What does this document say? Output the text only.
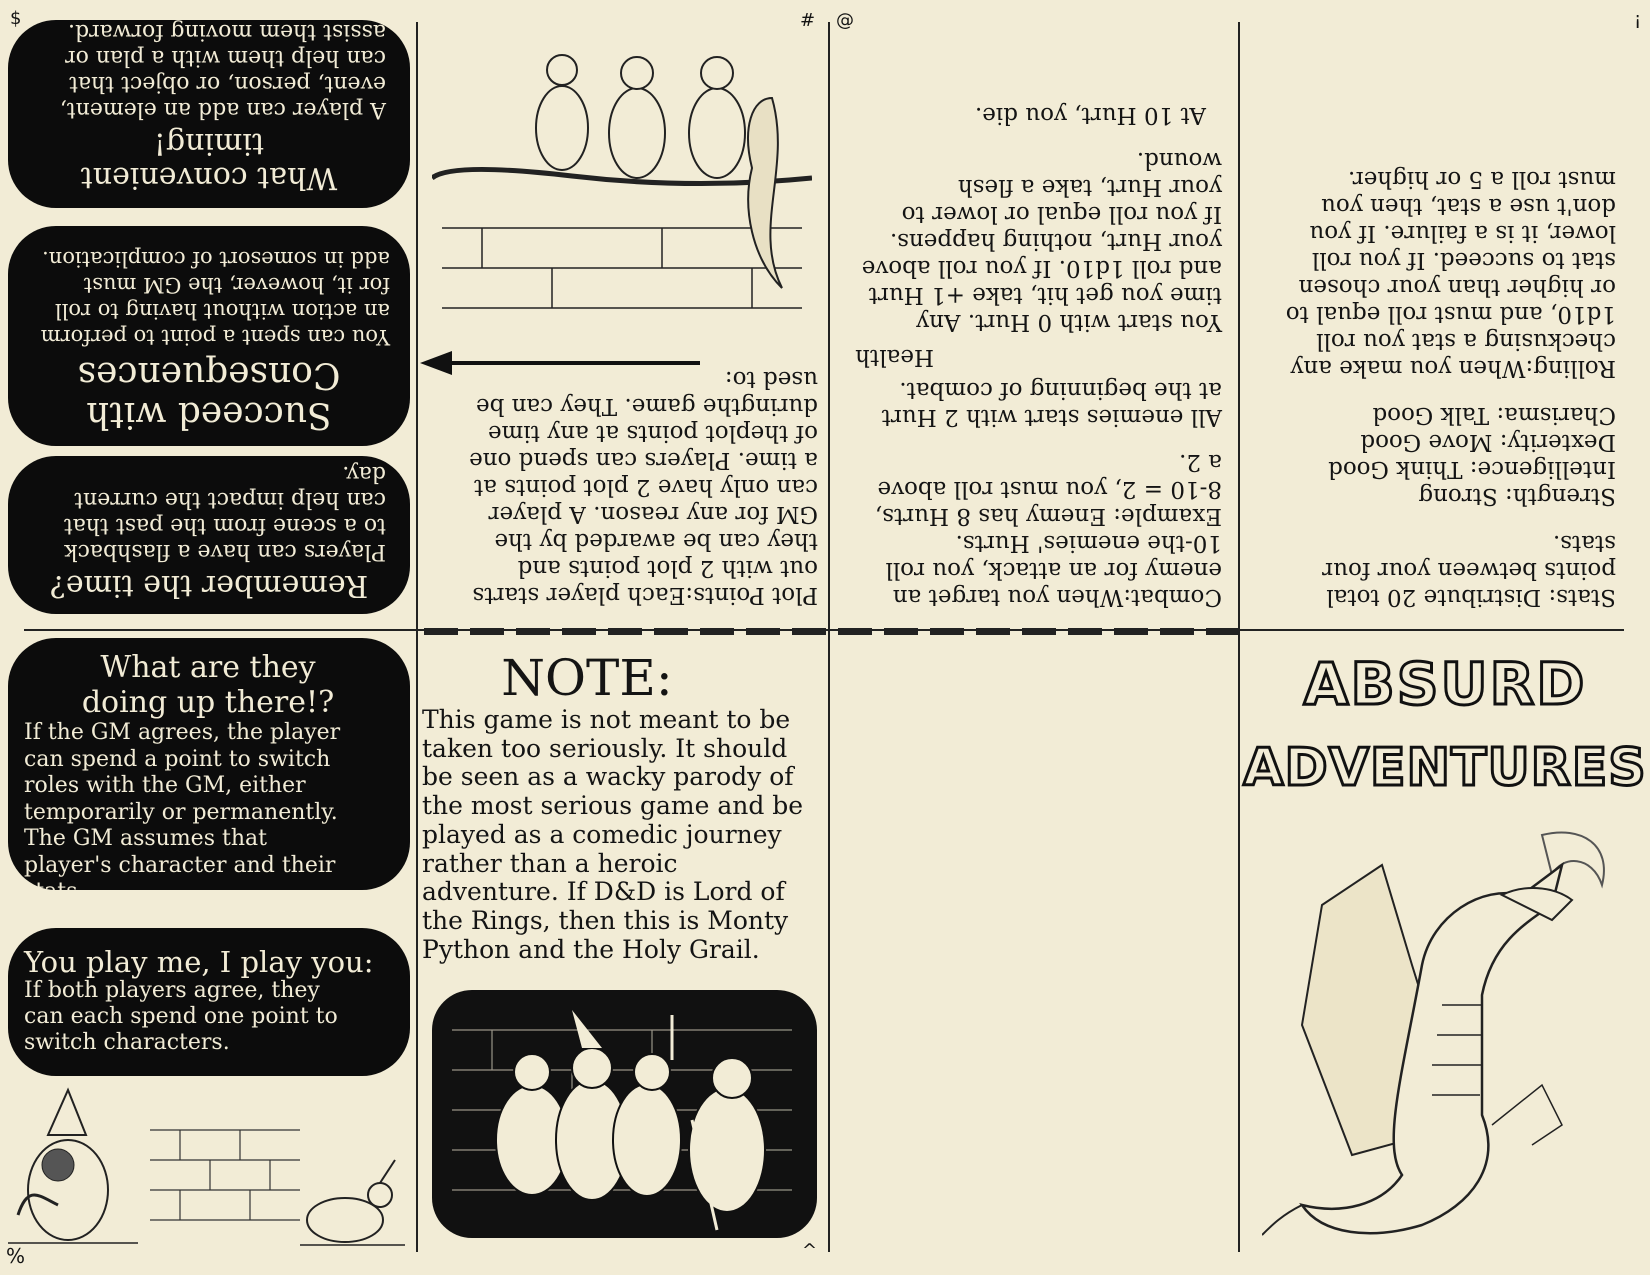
$	# @	!
%	^
Stats: Distribute 20 total
points between your four
stats.
Strength: Strong
Intelligence: Think Good
Dexterity: Move Good
Charisma: Talk Good
Rolling:When you make any
checkusing a stat you roll
1d10, and must roll equal to
or higher than your chosen
stat to succeed. If you roll
lower, it is a failure. If you
don't use a stat, then you
must roll a 5 or higher.
Combat:When you target an
enemy for an attack, you roll
10-the enemies' Hurts.
Example: Enemy has 8 Hurts,
8-10 = 2, you must roll above
a 2.
All enemies start with 2 Hurt
at the beginning of combat.
Health
You start with 0 Hurt. Any
time you get hit, take +1 Hurt
and roll 1d10. If you roll above
your Hurt, nothing happens.
If you roll equal or lower to
your Hurt, take a flesh
wound.
At 10 Hurt, you die.
Plot Points:Each player starts
out with 2 plot points and
they can be awarded by the
GM for any reason. A player
can only have 2 plot points at
a time. Players can spend one
of theplot points at any time
duringthe game. They can be
used to:
What convenient timing!
A player can add an element,
event, person, or object that
can help them with a plan or
assist them moving forward.
Succeed with
Consequences
You can spent a point to perform
an action without having to roll
for it, however, the GM must
add in somesort of complication.
Remember the time?
Players can have a flashback
to a scene from the past that
can help impact the current
day.
What are they
doing up there!?
If the GM agrees, the player
can spend a point to switch
roles with the GM, either
temporarily or permanently.
The GM assumes that
player's character and their
stats.
You play me, I play you:
If both players agree, they
can each spend one point to
switch characters.
NOTE:
This game is not meant to be
taken too seriously. It should
be seen as a wacky parody of
the most serious game and be
played as a comedic journey
rather than a heroic
adventure. If D&D is Lord of
the Rings, then this is Monty
Python and the Holy Grail.
ABSURD
ADVENTURES
